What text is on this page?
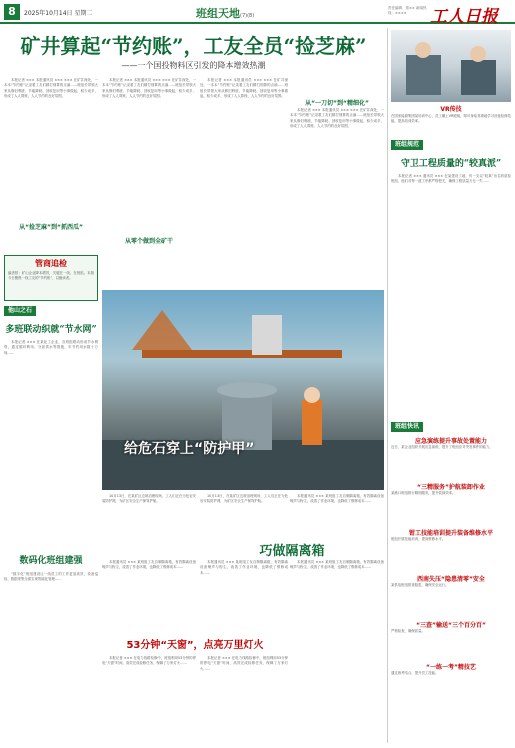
8	2025年10月14日 星期二	班组天地(7)(8)
责任编辑：郑×× 新闻热线：××××	工人日报
矿井算起“节约账”，工友全员“捡芝麻”
——一个国投物料区引发的降本增效热潮

本报记者 ××× 本报通讯员 ××× ××× 在矿井深处，一本本“节约账”记录着工友们精打细算的点滴……班组长带领大家从修旧利废、节能降耗、回收复用等小事做起，积少成多，形成了人人算账、人人节约的良好氛围。

从“捡芝麻”到“抓西瓜”

本报记者 ××× 本报通讯员 ××× ××× 在矿井深处，一本本“节约账”记录着工友们精打细算的点滴……班组长带领大家从修旧利废、节能降耗、回收复用等小事做起，积少成多，形成了人人算账、人人节约的良好氛围。

从零个做到全矿干

本报记者 ××× 本报通讯员 ××× ××× 在矿井深处，一本本“节约账”记录着工友们精打细算的点滴……班组长带领大家从修旧利废、节能降耗、回收复用等小事做起，积少成多，形成了人人算账、人人节约的良好氛围。

从“一刀切”到“精细化”

本报记者 ××× 本报通讯员 ××× ××× 在矿井深处，一本本“节约账”记录着工友们精打细算的点滴……班组长带领大家从修旧利废、节能降耗、回收复用等小事做起，积少成多，形成了人人算账、人人节约的良好氛围。

管商追检
编者按：矿山企业降本增效，关键在一线，在班组。本版今日聚焦一线工友的“节约账”，以飨读者。
他山之石
多班联动织就“节水网”

本报记者 ××× 在某化工企业，各班组联动形成节水网络，通过循环利用、分质供水等措施，年节约用水数十万吨……

数码化班组建强

“数字化”班组建设让一线员工的工作更加高效，设备巡检、数据采集全面实现智能化管理……

给危石穿上“防护甲”

10月13日，在某矿区边坡治理现场，工人们正在为危岩安装防护网，为矿区安全生产保驾护航。

10月13日，在某矿区边坡治理现场，工人们正在为危岩安装防护网，为矿区安全生产保驾护航。

巧做隔离箱

本报通讯员 ××× 某班组工友自制隔离箱，有效隔离设备噪声与粉尘，改善了作业环境，也降低了维修成本……

本报通讯员 ××× 某班组工友自制隔离箱，有效隔离设备噪声与粉尘，改善了作业环境，也降低了维修成本……

本报通讯员 ××× 某班组工友自制隔离箱，有效隔离设备噪声与粉尘，改善了作业环境，也降低了维修成本……

本报通讯员 ××× 某班组工友自制隔离箱，有效隔离设备噪声与粉尘，改善了作业环境，也降低了维修成本……

53分钟“天窗”，点亮万里灯火

本报记者 ××× 在电力线路检修中，班组利用53分钟的停电“天窗”时间，高效完成检修任务，保障了万家灯火……

本报记者 ××× 在电力线路检修中，班组利用53分钟的停电“天窗”时间，高效完成检修任务，保障了万家灯火……

VR传技
在国家能源集团某培训中心，员工戴上VR眼镜，即可身临其境地学习设备检修技能，提高培训效率。
班组规范
守卫工程质量的“较真派”

本报记者 ××× 通讯员 ××× 在某建设工地，有一支以“较真”出名的质检班组，他们对每一道工序都严格把关，确保工程质量万无一失……

班组快讯
应急演练提升事故处置能力
近日，某企业组织开展应急演练，提升了班组应对突发事件的能力。
“三精服务”护航装卸作业
某港口班组推行精细服务，提升装卸效率。
钳工技能培训提升装备维修水平
班组开展技能培训，提高维修水平。
西南失压“隐患清零”安全
某供电班组排查隐患，确保安全运行。
“三查”输送“三个百分百”
严格检查，确保质量。
“一练一考”精技艺
通过练考结合，提升员工技能。
